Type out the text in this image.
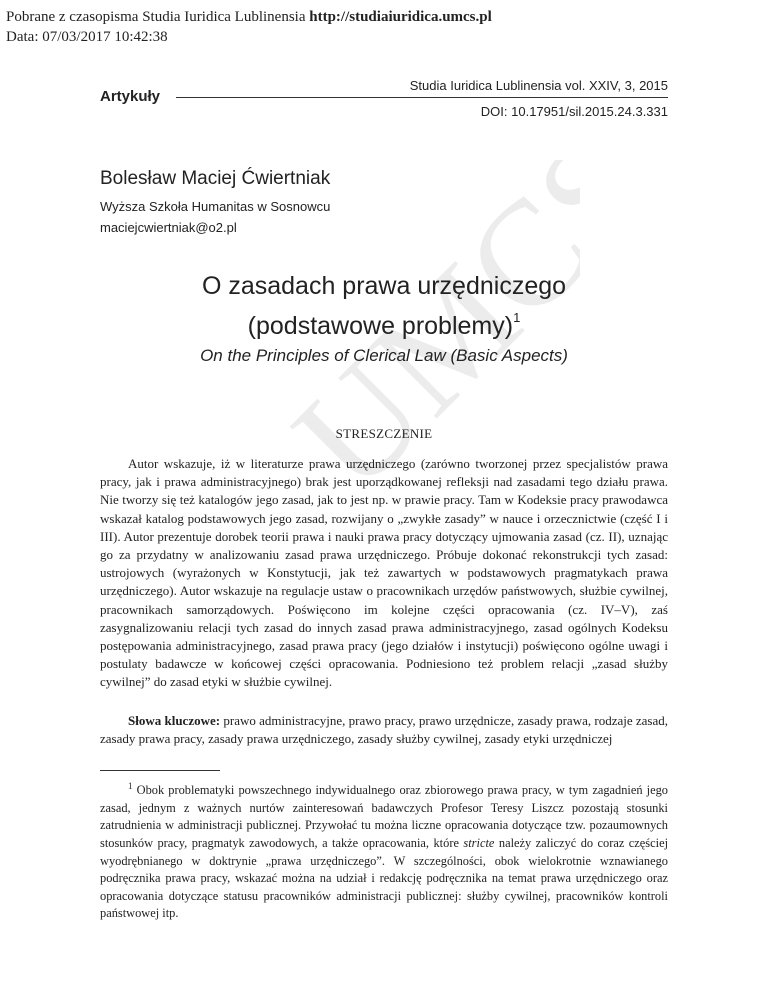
Pobrane z czasopisma Studia Iuridica Lublinensia http://studiaiuridica.umcs.pl
Data: 07/03/2017 10:42:38
UMCS
Artykuły
Studia Iuridica Lublinensia vol. XXIV, 3, 2015
DOI: 10.17951/sil.2015.24.3.331
Bolesław Maciej Ćwiertniak
Wyższa Szkoła Humanitas w Sosnowcu
maciejcwiertniak@o2.pl
O zasadach prawa urzędniczego
(podstawowe problemy)$^1$
On the Principles of Clerical Law (Basic Aspects)
STRESZCZENIE

Autor wskazuje, iż w literaturze prawa urzędniczego (zarówno tworzonej przez specjalistów prawa pracy, jak i prawa administracyjnego) brak jest uporządkowanej refleksji nad zasadami tego działu prawa. Nie tworzy się też katalogów jego zasad, jak to jest np. w prawie pracy. Tam w Kodeksie pracy prawodawca wskazał katalog podstawowych jego zasad, rozwijany o „zwykłe zasady” w nauce i orzecznictwie (część I i III). Autor prezentuje dorobek teorii prawa i nauki prawa pracy dotyczący ujmowania zasad (cz. II), uznając go za przydatny w analizowaniu zasad prawa urzędniczego. Próbuje dokonać rekonstrukcji tych zasad: ustrojowych (wyrażonych w Konstytucji, jak też zawartych w podstawowych pragmatykach prawa urzędniczego). Autor wskazuje na regulacje ustaw o pracownikach urzędów państwowych, służbie cywilnej, pracownikach samorządowych. Poświęcono im kolejne części opracowania (cz. IV–V), zaś zasygnalizowaniu relacji tych zasad do innych zasad prawa administracyjnego, zasad ogólnych Kodeksu postępowania administracyjnego, zasad prawa pracy (jego działów i instytucji) poświęcono ogólne uwagi i postulaty badawcze w końcowej części opracowania. Podniesiono też problem relacji „zasad służby cywilnej” do zasad etyki w służbie cywilnej.

Słowa kluczowe: prawo administracyjne, prawo pracy, prawo urzędnicze, zasady prawa, rodzaje zasad, zasady prawa pracy, zasady prawa urzędniczego, zasady służby cywilnej, zasady etyki urzędniczej

$^1$ Obok problematyki powszechnego indywidualnego oraz zbiorowego prawa pracy, w tym zagadnień jego zasad, jednym z ważnych nurtów zainteresowań badawczych Profesor Teresy Liszcz pozostają stosunki zatrudnienia w administracji publicznej. Przywołać tu można liczne opracowania dotyczące tzw. pozaumownych stosunków pracy, pragmatyk zawodowych, a także opracowania, które stricte należy zaliczyć do coraz częściej wyodrębnianego w doktrynie „prawa urzędniczego”. W szczególności, obok wielokrotnie wznawianego podręcznika prawa pracy, wskazać można na udział i redakcję podręcznika na temat prawa urzędniczego oraz opracowania dotyczące statusu pracowników administracji publicznej: służby cywilnej, pracowników kontroli państwowej itp.
